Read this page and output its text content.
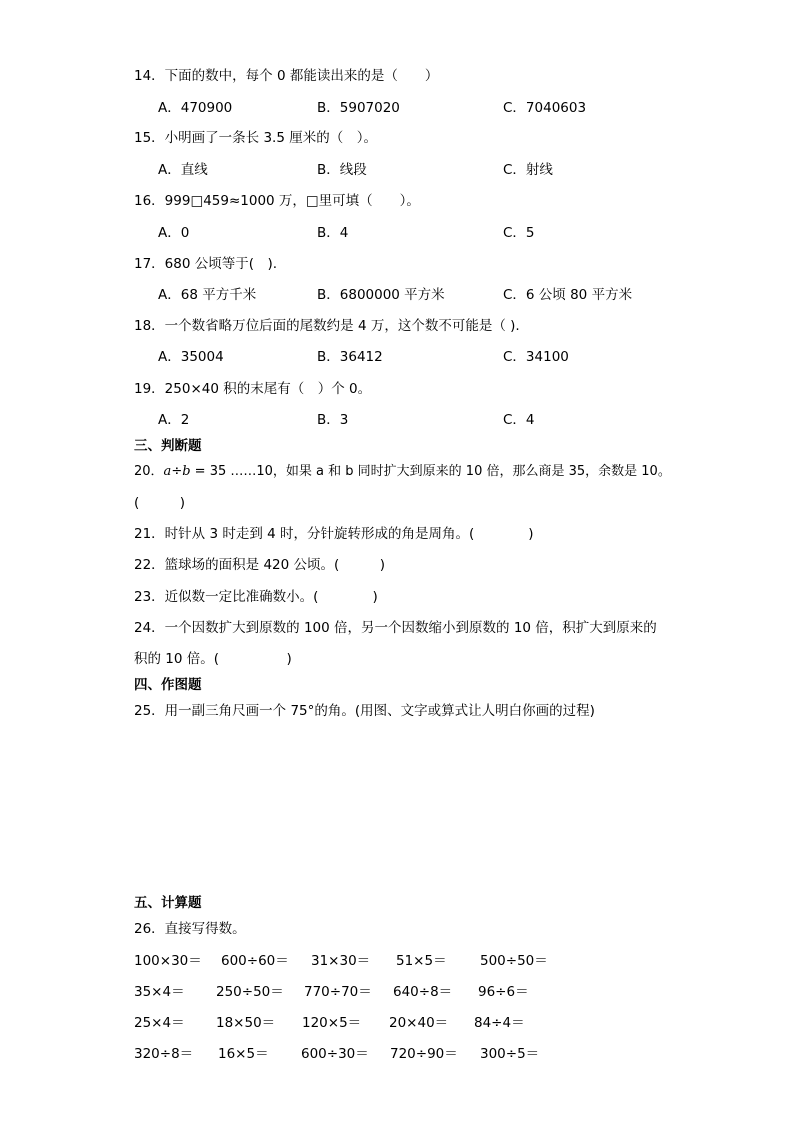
14．下面的数中，每个 0 都能读出来的是（　　）
A．470900	B．5907020	C．7040603
15．小明画了一条长 3.5 厘米的（　）。
A．直线	B．线段	C．射线
16．999□459≈1000 万，□里可填（　　）。
A．0	B．4	C．5
17．680 公顷等于(　).
A．68 平方千米	B．6800000 平方米	C．6 公顷 80 平方米
18．一个数省略万位后面的尾数约是 4 万，这个数不可能是（ ).
A．35004	B．36412	C．34100
19．250×40 积的末尾有（　）个 0。
A．2	B．3	C．4
三、判断题
20．a÷b = 35 ……10，如果 a 和 b 同时扩大到原来的 10 倍，那么商是 35，余数是 10。
(　　　)
21．时针从 3 时走到 4 时，分针旋转形成的角是周角。(　　　　)
22．篮球场的面积是 420 公顷。(　　　)
23．近似数一定比准确数小。(　　　　)
24．一个因数扩大到原数的 100 倍，另一个因数缩小到原数的 10 倍，积扩大到原来的
积的 10 倍。(　　　　　)
四、作图题
25．用一副三角尺画一个 75°的角。(用图、文字或算式让人明白你画的过程)
五、计算题
26．直接写得数。
100×30＝ 600÷60＝ 31×30＝ 51×5＝ 500÷50＝
35×4＝ 250÷50＝ 770÷70＝ 640÷8＝ 96÷6＝
25×4＝ 18×50＝ 120×5＝ 20×40＝ 84÷4＝
320÷8＝ 16×5＝ 600÷30＝ 720÷90＝ 300÷5＝
